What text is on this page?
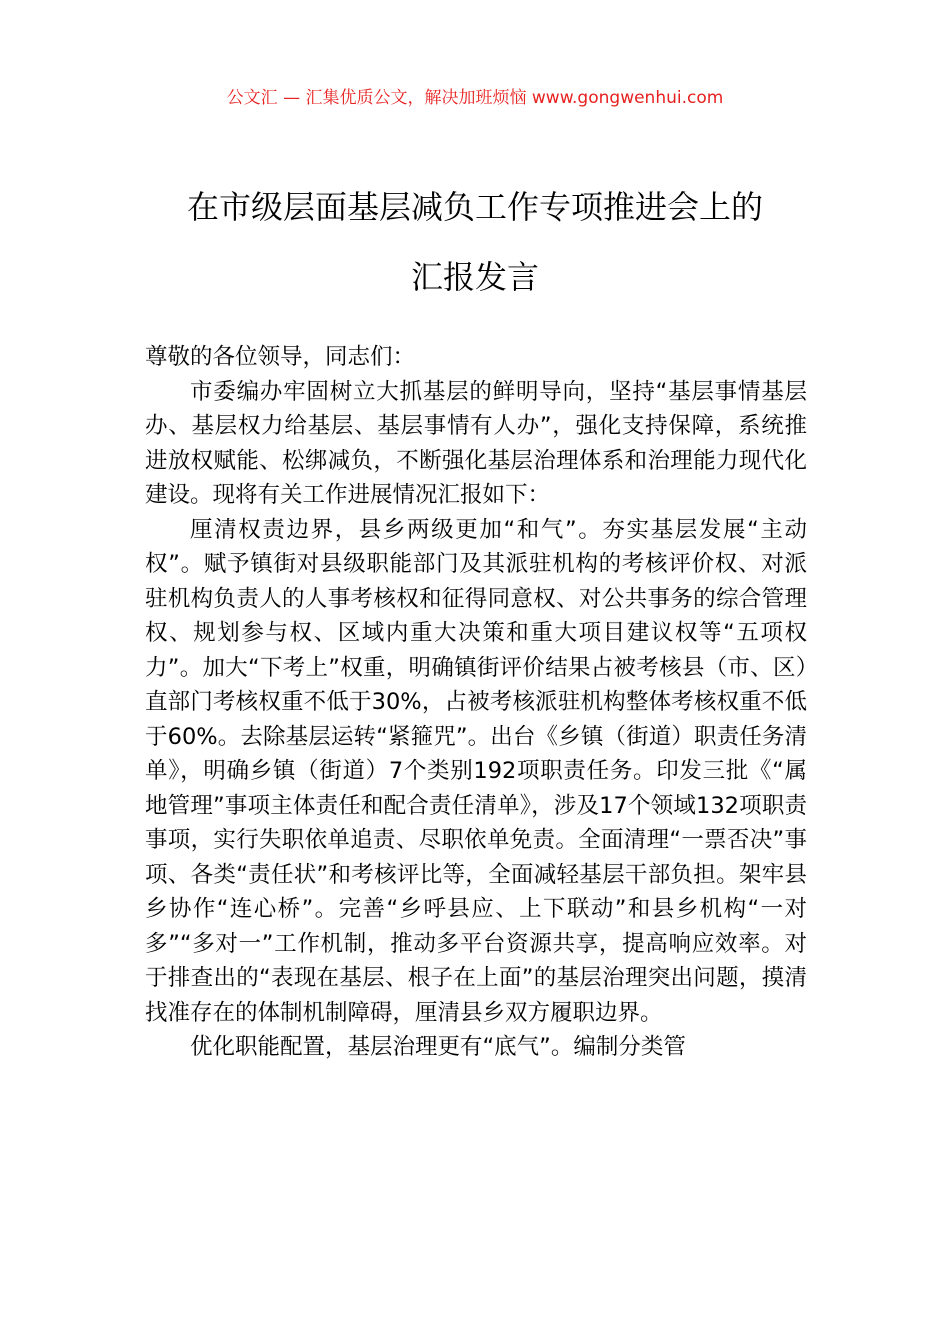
公文汇 — 汇集优质公文，解决加班烦恼 www.gongwenhui.com
在市级层面基层减负工作专项推进会上的
汇报发言

尊敬的各位领导，同志们：

市委编办牢固树立大抓基层的鲜明导向，坚持“基层事情基层办、基层权力给基层、基层事情有人办”，强化支持保障，系统推进放权赋能、松绑减负，不断强化基层治理体系和治理能力现代化建设。现将有关工作进展情况汇报如下：

厘清权责边界，县乡两级更加“和气”。夯实基层发展“主动权”。赋予镇街对县级职能部门及其派驻机构的考核评价权、对派驻机构负责人的人事考核权和征得同意权、对公共事务的综合管理权、规划参与权、区域内重大决策和重大项目建议权等“五项权力”。加大“下考上”权重，明确镇街评价结果占被考核县（市、区）直部门考核权重不低于30%，占被考核派驻机构整体考核权重不低于60%。去除基层运转“紧箍咒”。出台《乡镇（街道）职责任务清单》，明确乡镇（街道）7个类别192项职责任务。印发三批《“属地管理”事项主体责任和配合责任清单》，涉及17个领域132项职责事项，实行失职依单追责、尽职依单免责。全面清理“一票否决”事项、各类“责任状”和考核评比等，全面减轻基层干部负担。架牢县乡协作“连心桥”。完善“乡呼县应、上下联动”和县乡机构“一对多”“多对一”工作机制，推动多平台资源共享，提高响应效率。对于排查出的“表现在基层、根子在上面”的基层治理突出问题，摸清找准存在的体制机制障碍，厘清县乡双方履职边界。

优化职能配置，基层治理更有“底气”。编制分类管
